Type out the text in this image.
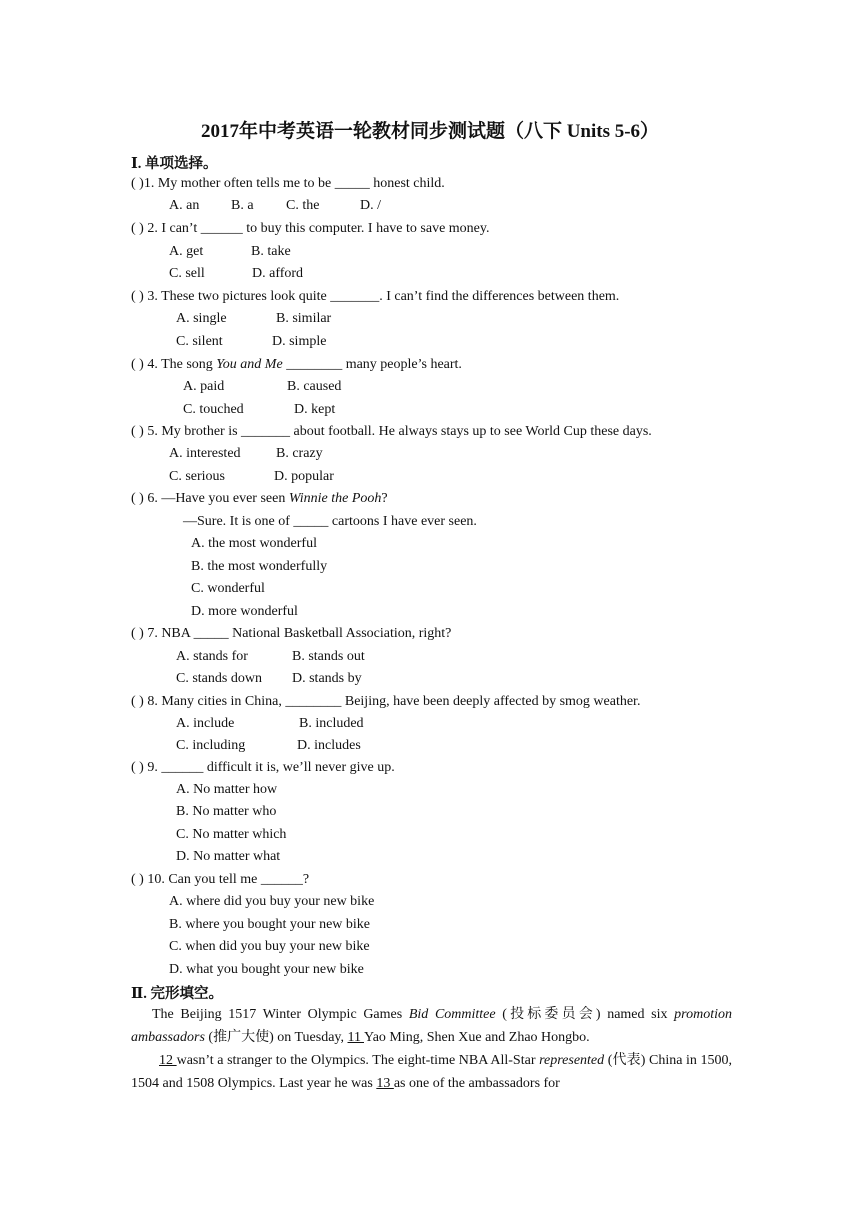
2017年中考英语一轮教材同步测试题（八下 Units 5-6）
Ⅰ. 单项选择。
( )1. My mother often tells me to be _____ honest child.
A. an B. a C. the	D. /
( ) 2. I can’t ______ to buy this computer. I have to save money.
A. get	B. take
C. sell	D. afford
( ) 3. These two pictures look quite _______. I can’t find the differences between them.
A. single	B. similar
C. silent	D. simple
( ) 4. The song You and Me ________ many people’s heart.
A. paid	B. caused
C. touched	D. kept
( ) 5. My brother is _______ about football. He always stays up to see World Cup these days.
A. interested	B. crazy
C. serious	D. popular
( ) 6. —Have you ever seen Winnie the Pooh?
—Sure. It is one of _____ cartoons I have ever seen.
A. the most wonderful
B. the most wonderfully
C. wonderful
D. more wonderful
( ) 7. NBA _____ National Basketball Association, right?
A. stands for	B. stands out
C. stands down D. stands by
( ) 8. Many cities in China, ________ Beijing, have been deeply affected by smog weather.
A. include	B. included
C. including	D. includes
( ) 9. ______ difficult it is, we’ll never give up.
A. No matter how
B. No matter who
C. No matter which
D. No matter what
( ) 10. Can you tell me ______?
A. where did you buy your new bike
B. where you bought your new bike
C. when did you buy your new bike
D. what you bought your new bike
Ⅱ. 完形填空。
The Beijing 1517 Winter Olympic Games Bid Committee (投标委员会) named six promotion ambassadors (推广大使) on Tuesday, 11 Yao Ming, Shen Xue and Zhao Hongbo.
12 wasn’t a stranger to the Olympics. The eight-time NBA All-Star represented (代表) China in 1500, 1504 and 1508 Olympics. Last year he was 13 as one of the ambassadors for
